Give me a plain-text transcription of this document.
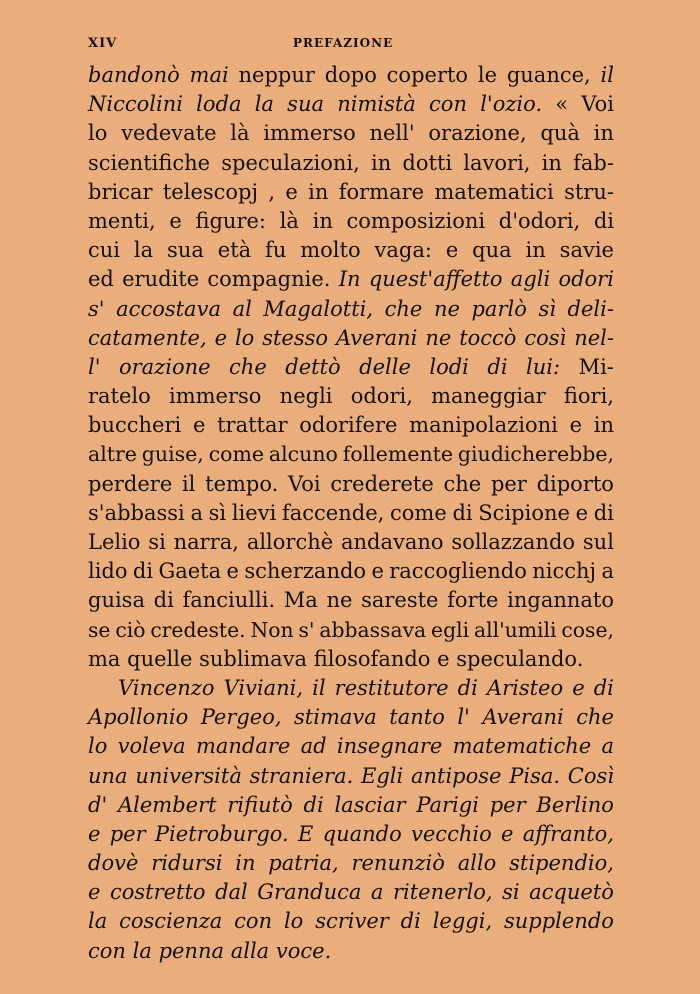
XIV	PREFAZIONE
bandonò mai neppur dopo coperto le guance, il
Niccolini loda la sua nimistà con l'ozio. « Voi
lo vedevate là immerso nell' orazione, quà in
scientifiche speculazioni, in dotti lavori, in fab-
bricar telescopj , e in formare matematici stru-
menti, e figure: là in composizioni d'odori, di
cui la sua età fu molto vaga: e qua in savie
ed erudite compagnie. In quest'affetto agli odori
s' accostava al Magalotti, che ne parlò sì deli-
catamente, e lo stesso Averani ne toccò così nel-
l' orazione che dettò delle lodi di lui: Mi-
ratelo immerso negli odori, maneggiar fiori,
buccheri e trattar odorifere manipolazioni e in
altre guise, come alcuno follemente giudicherebbe,
perdere il tempo. Voi crederete che per diporto
s'abbassi a sì lievi faccende, come di Scipione e di
Lelio si narra, allorchè andavano sollazzando sul
lido di Gaeta e scherzando e raccogliendo nicchj a
guisa di fanciulli. Ma ne sareste forte ingannato
se ciò credeste. Non s' abbassava egli all'umili cose,
ma quelle sublimava filosofando e speculando.
Vincenzo Viviani, il restitutore di Aristeo e di
Apollonio Pergeo, stimava tanto l' Averani che
lo voleva mandare ad insegnare matematiche a
una università straniera. Egli antipose Pisa. Così
d' Alembert rifiutò di lasciar Parigi per Berlino
e per Pietroburgo. E quando vecchio e affranto,
dovè ridursi in patria, renunziò allo stipendio,
e costretto dal Granduca a ritenerlo, si acquetò
la coscienza con lo scriver di leggi, supplendo
con la penna alla voce.
